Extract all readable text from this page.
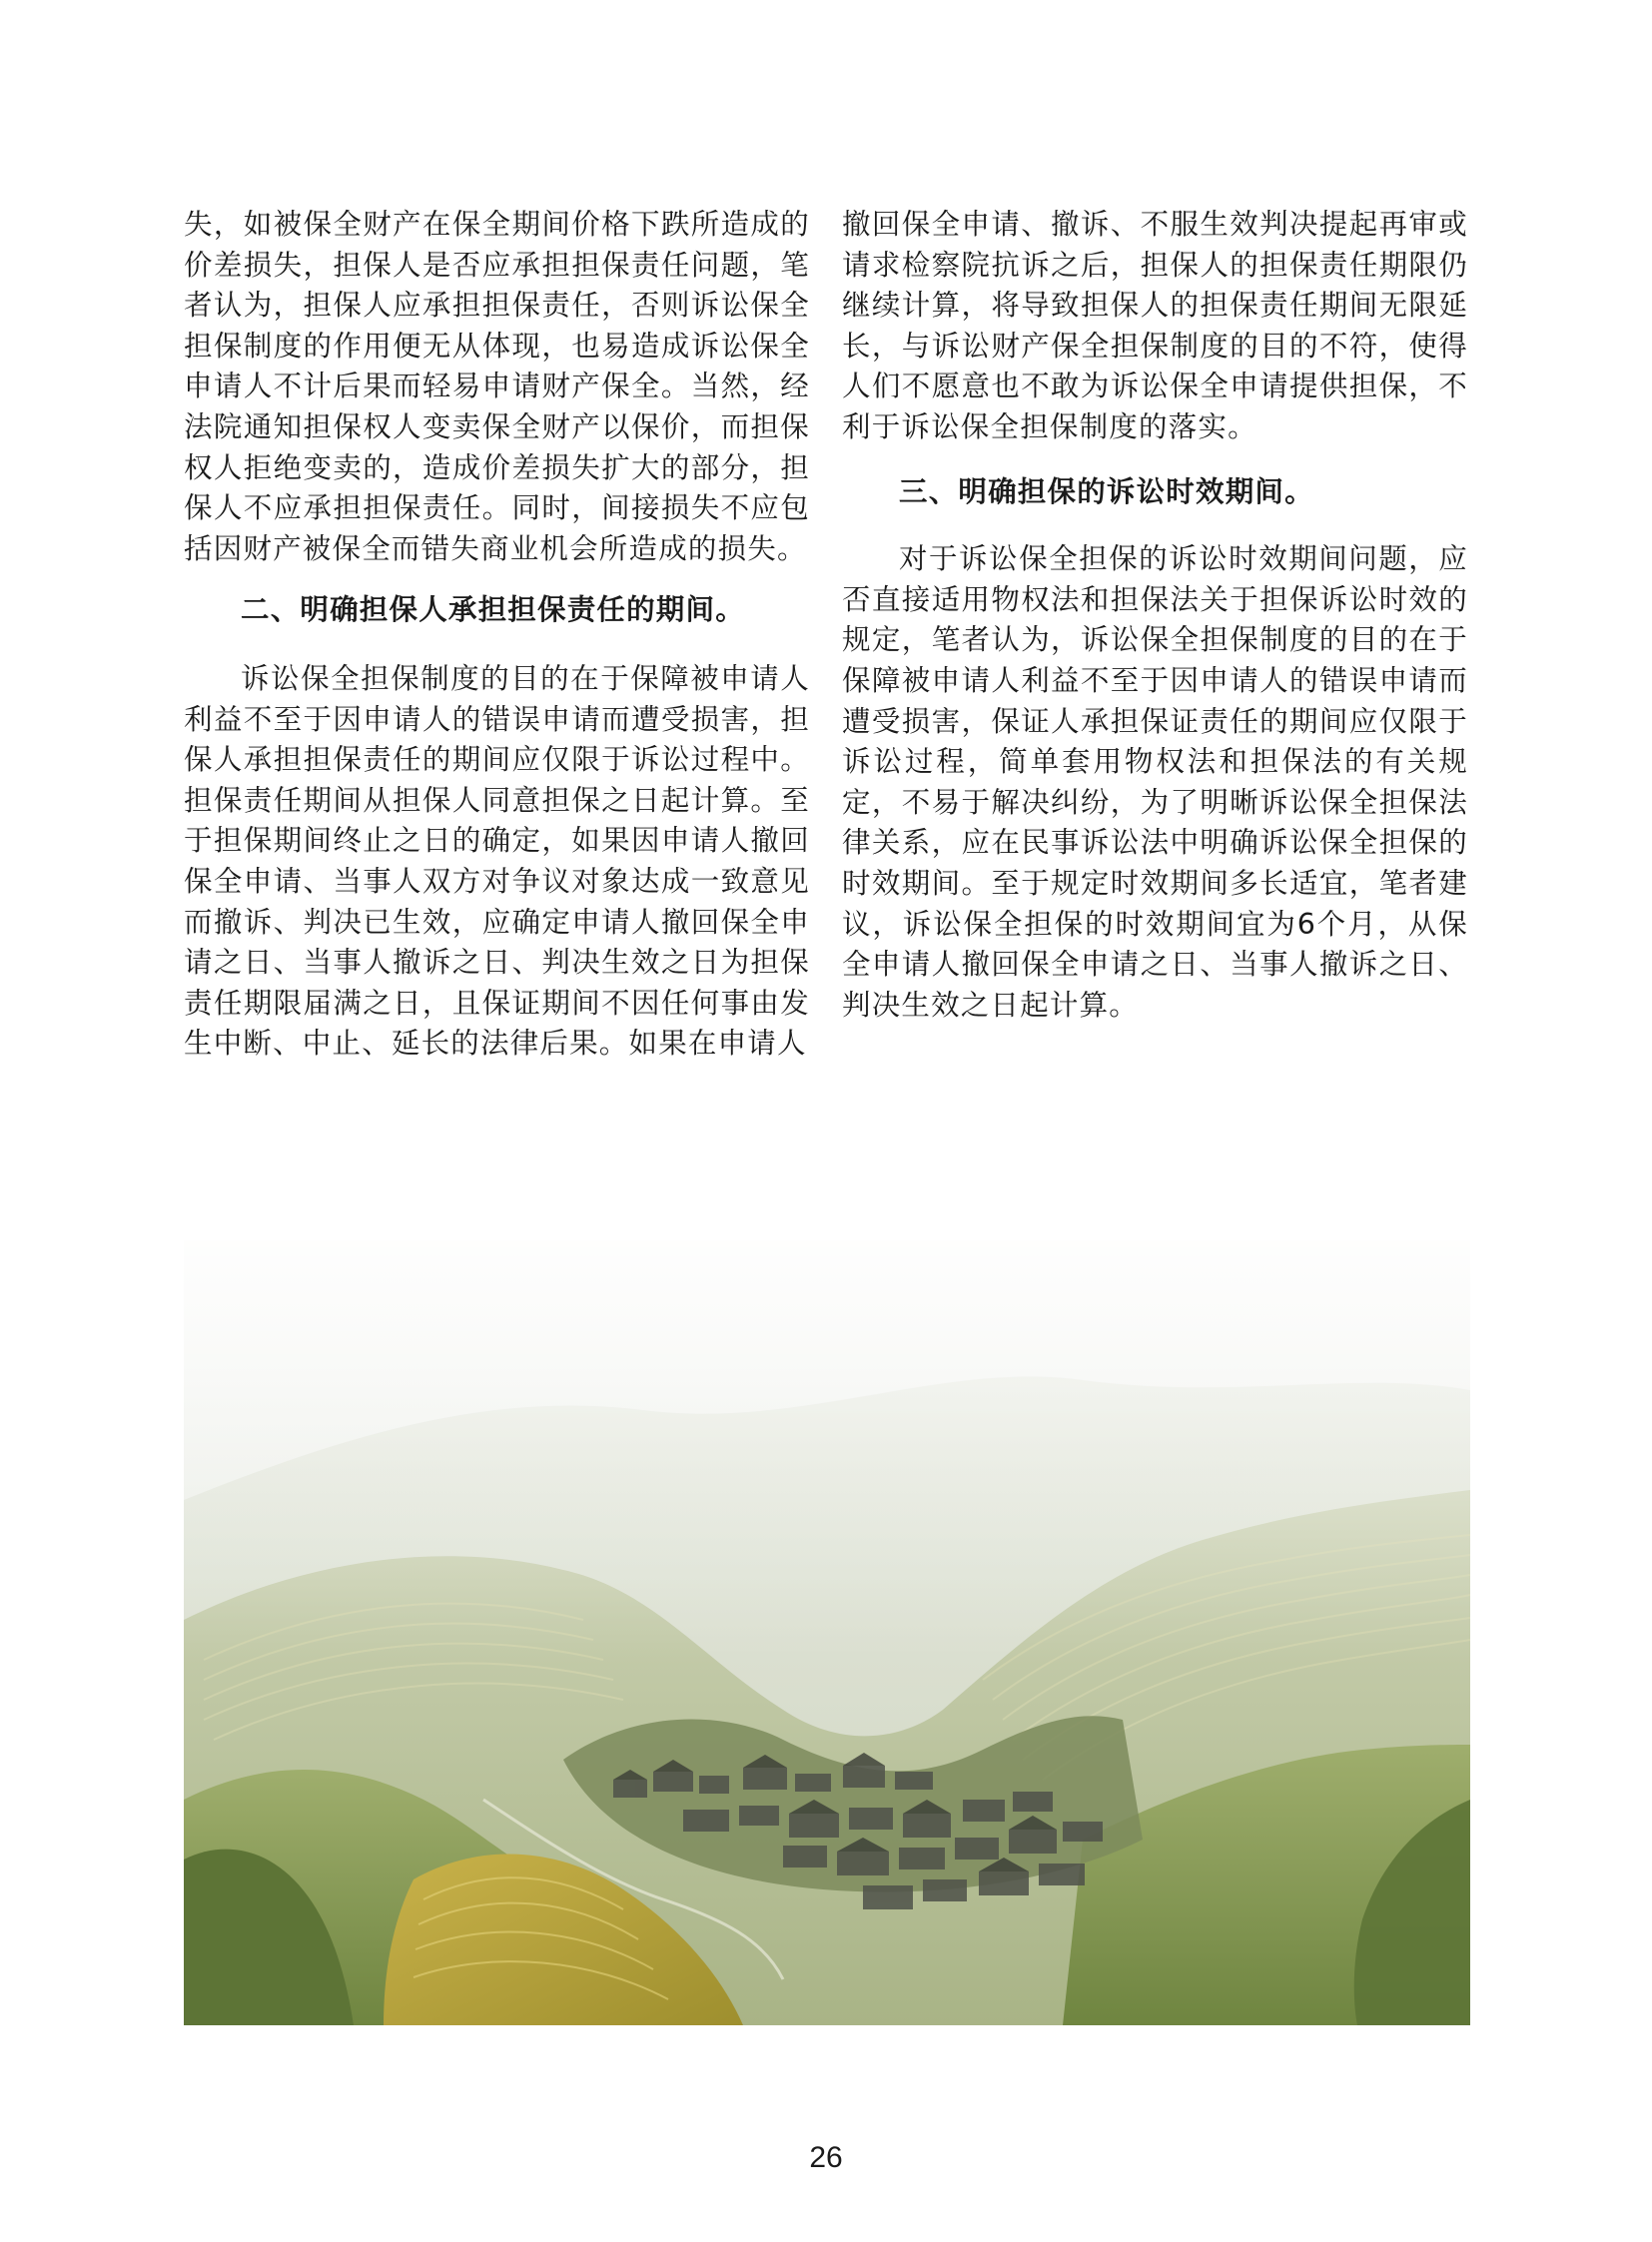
失，如被保全财产在保全期间价格下跌所造成的价差损失，担保人是否应承担担保责任问题，笔者认为，担保人应承担担保责任，否则诉讼保全担保制度的作用便无从体现，也易造成诉讼保全申请人不计后果而轻易申请财产保全。当然，经法院通知担保权人变卖保全财产以保价，而担保权人拒绝变卖的，造成价差损失扩大的部分，担保人不应承担担保责任。同时，间接损失不应包括因财产被保全而错失商业机会所造成的损失。

二、明确担保人承担担保责任的期间。

诉讼保全担保制度的目的在于保障被申请人利益不至于因申请人的错误申请而遭受损害，担保人承担担保责任的期间应仅限于诉讼过程中。担保责任期间从担保人同意担保之日起计算。至于担保期间终止之日的确定，如果因申请人撤回保全申请、当事人双方对争议对象达成一致意见而撤诉、判决已生效，应确定申请人撤回保全申请之日、当事人撤诉之日、判决生效之日为担保责任期限届满之日，且保证期间不因任何事由发生中断、中止、延长的法律后果。如果在申请人

撤回保全申请、撤诉、不服生效判决提起再审或请求检察院抗诉之后，担保人的担保责任期限仍继续计算，将导致担保人的担保责任期间无限延长，与诉讼财产保全担保制度的目的不符，使得人们不愿意也不敢为诉讼保全申请提供担保，不利于诉讼保全担保制度的落实。

三、明确担保的诉讼时效期间。

对于诉讼保全担保的诉讼时效期间问题，应否直接适用物权法和担保法关于担保诉讼时效的规定，笔者认为，诉讼保全担保制度的目的在于保障被申请人利益不至于因申请人的错误申请而遭受损害，保证人承担保证责任的期间应仅限于诉讼过程，简单套用物权法和担保法的有关规定，不易于解决纠纷，为了明晰诉讼保全担保法律关系，应在民事诉讼法中明确诉讼保全担保的时效期间。至于规定时效期间多长适宜，笔者建议，诉讼保全担保的时效期间宜为6个月，从保全申请人撤回保全申请之日、当事人撤诉之日、判决生效之日起计算。

26
